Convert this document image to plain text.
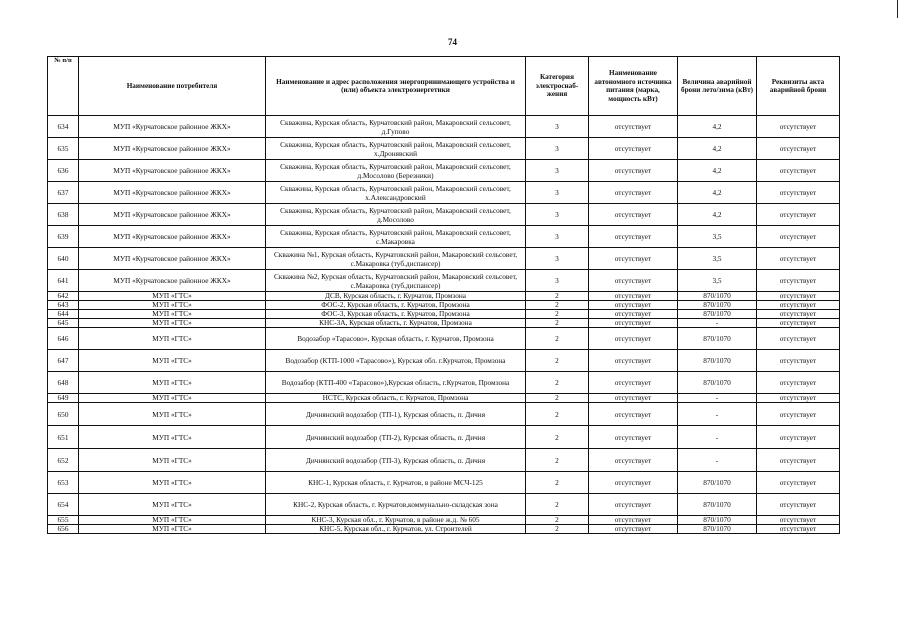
74
№ п/п	Наименование потребителя	Наименование и адрес расположения энергопринимающего устройства и (или) объекта электроэнергетики	Категория электроснаб-жения	Наименование автономного источника питания (марка, мощность кВт)	Величина аварийной брони лето/зима (кВт)	Реквизиты акта аварийной брони
634	МУП «Курчатовское районное ЖКХ»	Скважина, Курская область, Курчатовский район, Макаровский сельсовет, д.Гупово	3	отсутствует	4,2	отсутствует
635	МУП «Курчатовское районное ЖКХ»	Скважина, Курская область, Курчатовский район, Макаровский сельсовет, х.Дронявский	3	отсутствует	4,2	отсутствует
636	МУП «Курчатовское районное ЖКХ»	Скважина, Курская область, Курчатовский район, Макаровский сельсовет, д.Мосолово (Березники)	3	отсутствует	4,2	отсутствует
637	МУП «Курчатовское районное ЖКХ»	Скважина, Курская область, Курчатовский район, Макаровский сельсовет, х.Александровский	3	отсутствует	4,2	отсутствует
638	МУП «Курчатовское районное ЖКХ»	Скважина, Курская область, Курчатовский район, Макаровский сельсовет, д.Мосолово	3	отсутствует	4,2	отсутствует
639	МУП «Курчатовское районное ЖКХ»	Скважина, Курская область, Курчатовский район, Макаровский сельсовет, с.Макаровка	3	отсутствует	3,5	отсутствует
640	МУП «Курчатовское районное ЖКХ»	Скважина №1, Курская область, Курчатовский район, Макаровский сельсовет, с.Макаровка (туб.диспансер)	3	отсутствует	3,5	отсутствует
641	МУП «Курчатовское районное ЖКХ»	Скважина №2, Курская область, Курчатовский район, Макаровский сельсовет, с.Макаровка (туб.диспансер)	3	отсутствует	3,5	отсутствует
642	МУП «ГТС»	ДСВ, Курская область, г. Курчатов, Промзона	2	отсутствует	870/1070	отсутствует
643	МУП «ГТС»	ФОС-2, Курская область, г. Курчатов, Промзона	2	отсутствует	870/1070	отсутствует
644	МУП «ГТС»	ФОС-3, Курская область, г. Курчатов, Промзона	2	отсутствует	870/1070	отсутствует
645	МУП «ГТС»	КНС-3А, Курская область, г. Курчатов, Промзона	2	отсутствует	-	отсутствует
646	МУП «ГТС»	Водозабор «Тарасово», Курская область, г. Курчатов, Промзона	2	отсутствует	870/1070	отсутствует
647	МУП «ГТС»	Водозабор (КТП-1000 «Тарасово»), Курская обл. г.Курчатов, Промзона	2	отсутствует	870/1070	отсутствует
648	МУП «ГТС»	Водозабор (КТП-400 «Тарасово»),Курская область, г.Курчатов, Промзона	2	отсутствует	870/1070	отсутствует
649	МУП «ГТС»	НСТС, Курская область, г. Курчатов, Промзона	2	отсутствует	-	отсутствует
650	МУП «ГТС»	Дичнянский водозабор (ТП-1), Курская область, п. Дичня	2	отсутствует	-	отсутствует
651	МУП «ГТС»	Дичнянский водозабор (ТП-2), Курская область, п. Дичня	2	отсутствует	-	отсутствует
652	МУП «ГТС»	Дичнянский водозабор (ТП-3), Курская область, п. Дичня	2	отсутствует	-	отсутствует
653	МУП «ГТС»	КНС-1, Курская область, г. Курчатов, в районе МСЧ-125	2	отсутствует	870/1070	отсутствует
654	МУП «ГТС»	КНС-2, Курская область, г. Курчатов,коммунально-складская зона	2	отсутствует	870/1070	отсутствует
655	МУП «ГТС»	КНС-3, Курская обл., г. Курчатов, в районе ж.д. № 605	2	отсутствует	870/1070	отсутствует
656	МУП «ГТС»	КНС-5, Курская обл., г. Курчатов, ул. Строителей	2	отсутствует	870/1070	отсутствует
